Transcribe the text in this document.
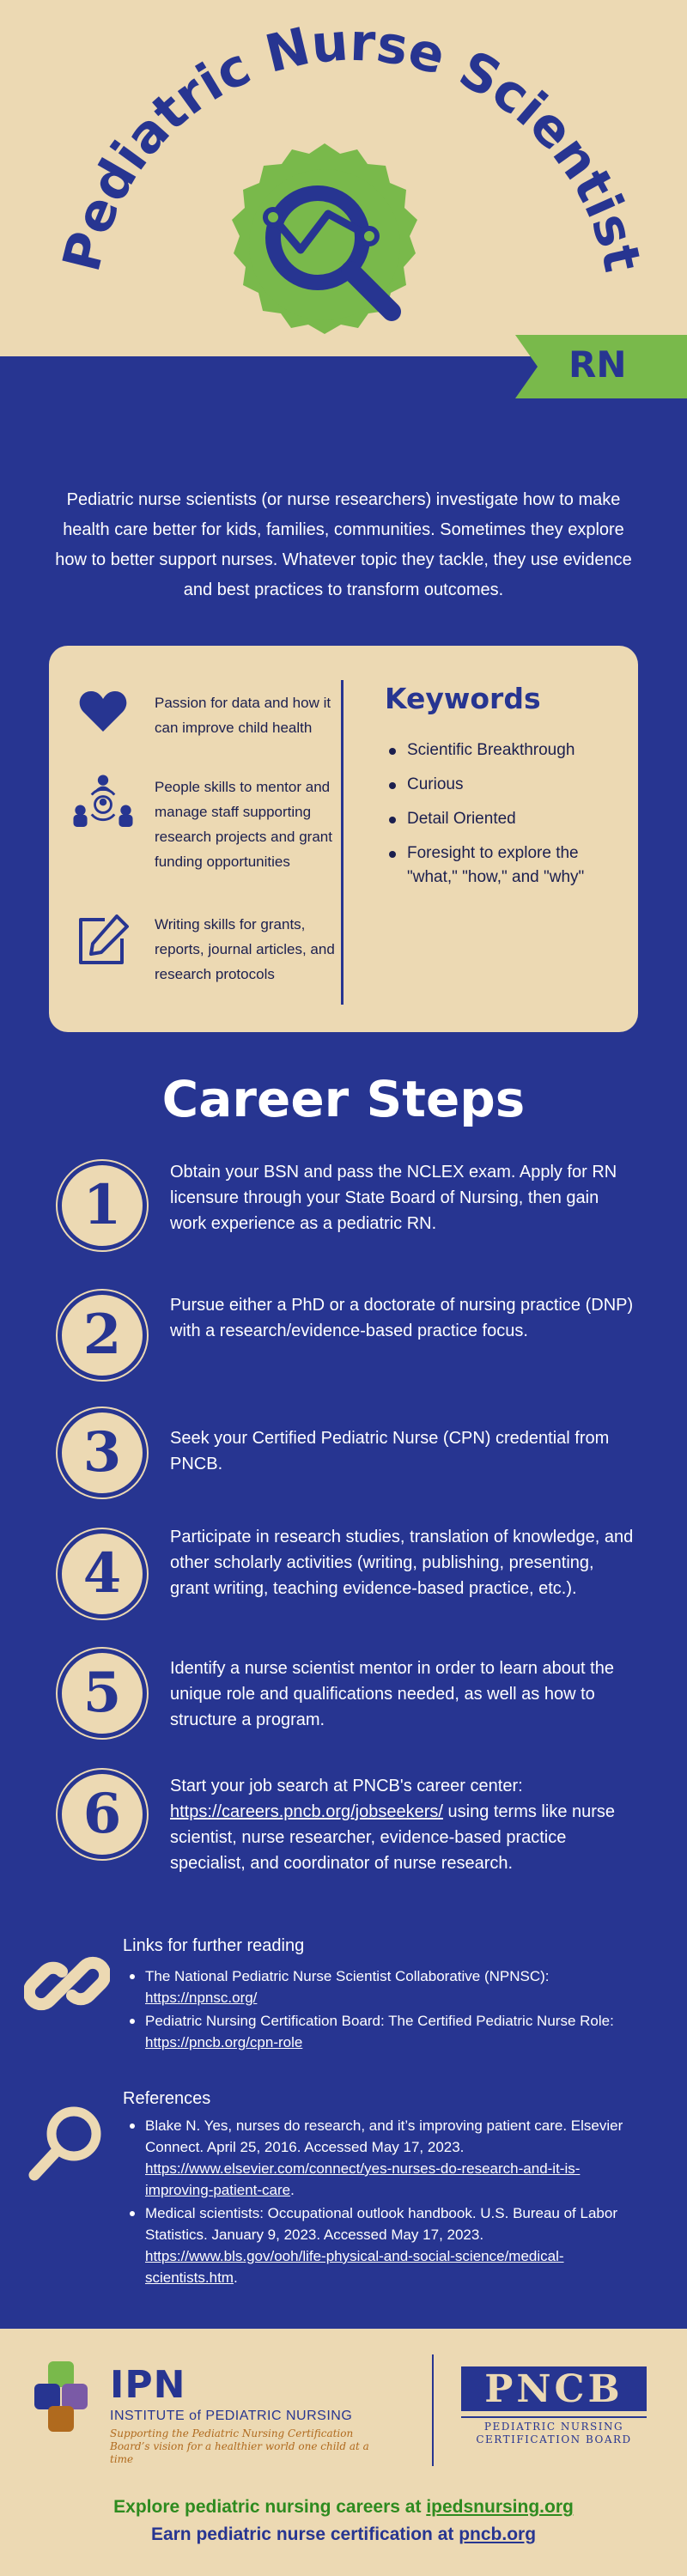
Pediatric Nurse Scientist
RN
Pediatric nurse scientists (or nurse researchers) investigate how to make health care better for kids, families, communities. Sometimes they explore how to better support nurses. Whatever topic they tackle, they use evidence and best practices to transform outcomes.
Passion for data and how it can improve child health
People skills to mentor and manage staff supporting research projects and grant funding opportunities
Writing skills for grants, reports, journal articles, and research protocols
Keywords
Scientific Breakthrough
Curious
Detail Oriented
Foresight to explore the "what," "how," and "why"
Career Steps
1
Obtain your BSN and pass the NCLEX exam. Apply for RN licensure through your State Board of Nursing, then gain work experience as a pediatric RN.
2	Pursue either a PhD or a doctorate of nursing practice (DNP) with a research/evidence-based practice focus.
3	Seek your Certified Pediatric Nurse (CPN) credential from PNCB.
4
Participate in research studies, translation of knowledge, and other scholarly activities (writing, publishing, presenting, grant writing, teaching evidence-based practice, etc.).
5	Identify a nurse scientist mentor in order to learn about the unique role and qualifications needed, as well as how to structure a program.
6	Start your job search at PNCB's career center: https://careers.pncb.org/jobseekers/ using terms like nurse scientist, nurse researcher, evidence-based practice specialist, and coordinator of nurse research.
Links for further reading
The National Pediatric Nurse Scientist Collaborative (NPNSC): https://npnsc.org/
Pediatric Nursing Certification Board: The Certified Pediatric Nurse Role: https://pncb.org/cpn-role
References
Blake N. Yes, nurses do research, and it’s improving patient care. Elsevier Connect. April 25, 2016. Accessed May 17, 2023. https://www.elsevier.com/connect/yes-nurses-do-research-and-it-is-improving-patient-care.
Medical scientists: Occupational outlook handbook. U.S. Bureau of Labor Statistics. January 9, 2023. Accessed May 17, 2023. https://www.bls.gov/ooh/life-physical-and-social-science/medical-scientists.htm.
IPN
INSTITUTE of PEDIATRIC NURSING
Supporting the Pediatric Nursing Certification Board’s vision for a healthier world one child at a time
PNCB
PEDIATRIC NURSING CERTIFICATION BOARD
Explore pediatric nursing careers at ipedsnursing.org
Earn pediatric nurse certification at pncb.org
